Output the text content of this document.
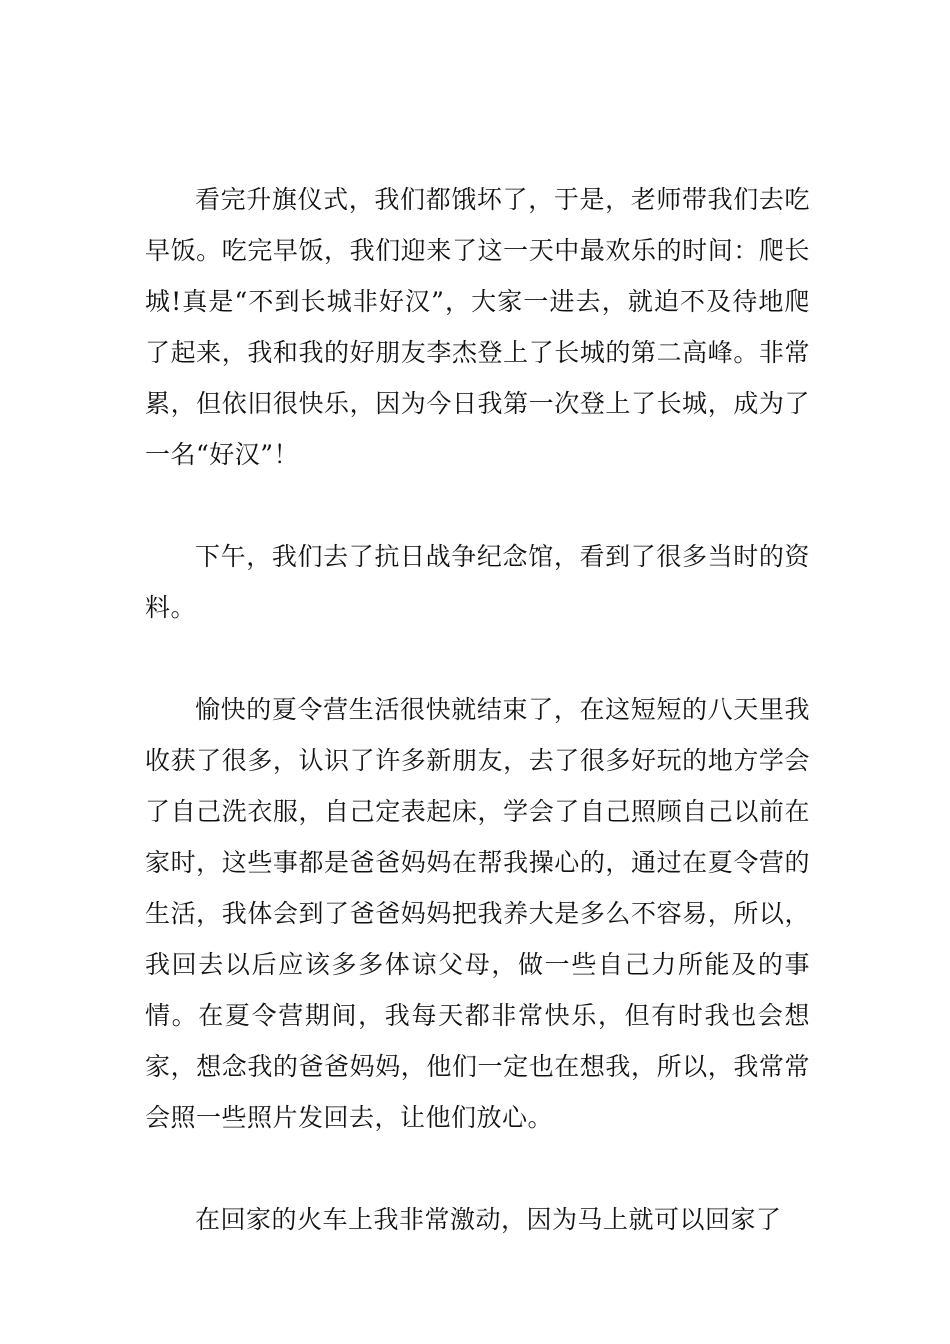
看完升旗仪式，我们都饿坏了，于是，老师带我们去吃早饭。吃完早饭，我们迎来了这一天中最欢乐的时间：爬长城!真是“不到长城非好汉”，大家一进去，就迫不及待地爬了起来，我和我的好朋友李杰登上了长城的第二高峰。非常累，但依旧很快乐，因为今日我第一次登上了长城，成为了一名“好汉”！

下午，我们去了抗日战争纪念馆，看到了很多当时的资料。

愉快的夏令营生活很快就结束了，在这短短的八天里我收获了很多，认识了许多新朋友，去了很多好玩的地方学会了自己洗衣服，自己定表起床，学会了自己照顾自己以前在家时，这些事都是爸爸妈妈在帮我操心的，通过在夏令营的生活，我体会到了爸爸妈妈把我养大是多么不容易，所以，我回去以后应该多多体谅父母，做一些自己力所能及的事情。在夏令营期间，我每天都非常快乐，但有时我也会想家，想念我的爸爸妈妈，他们一定也在想我，所以，我常常会照一些照片发回去，让他们放心。

在回家的火车上我非常激动，因为马上就可以回家了
